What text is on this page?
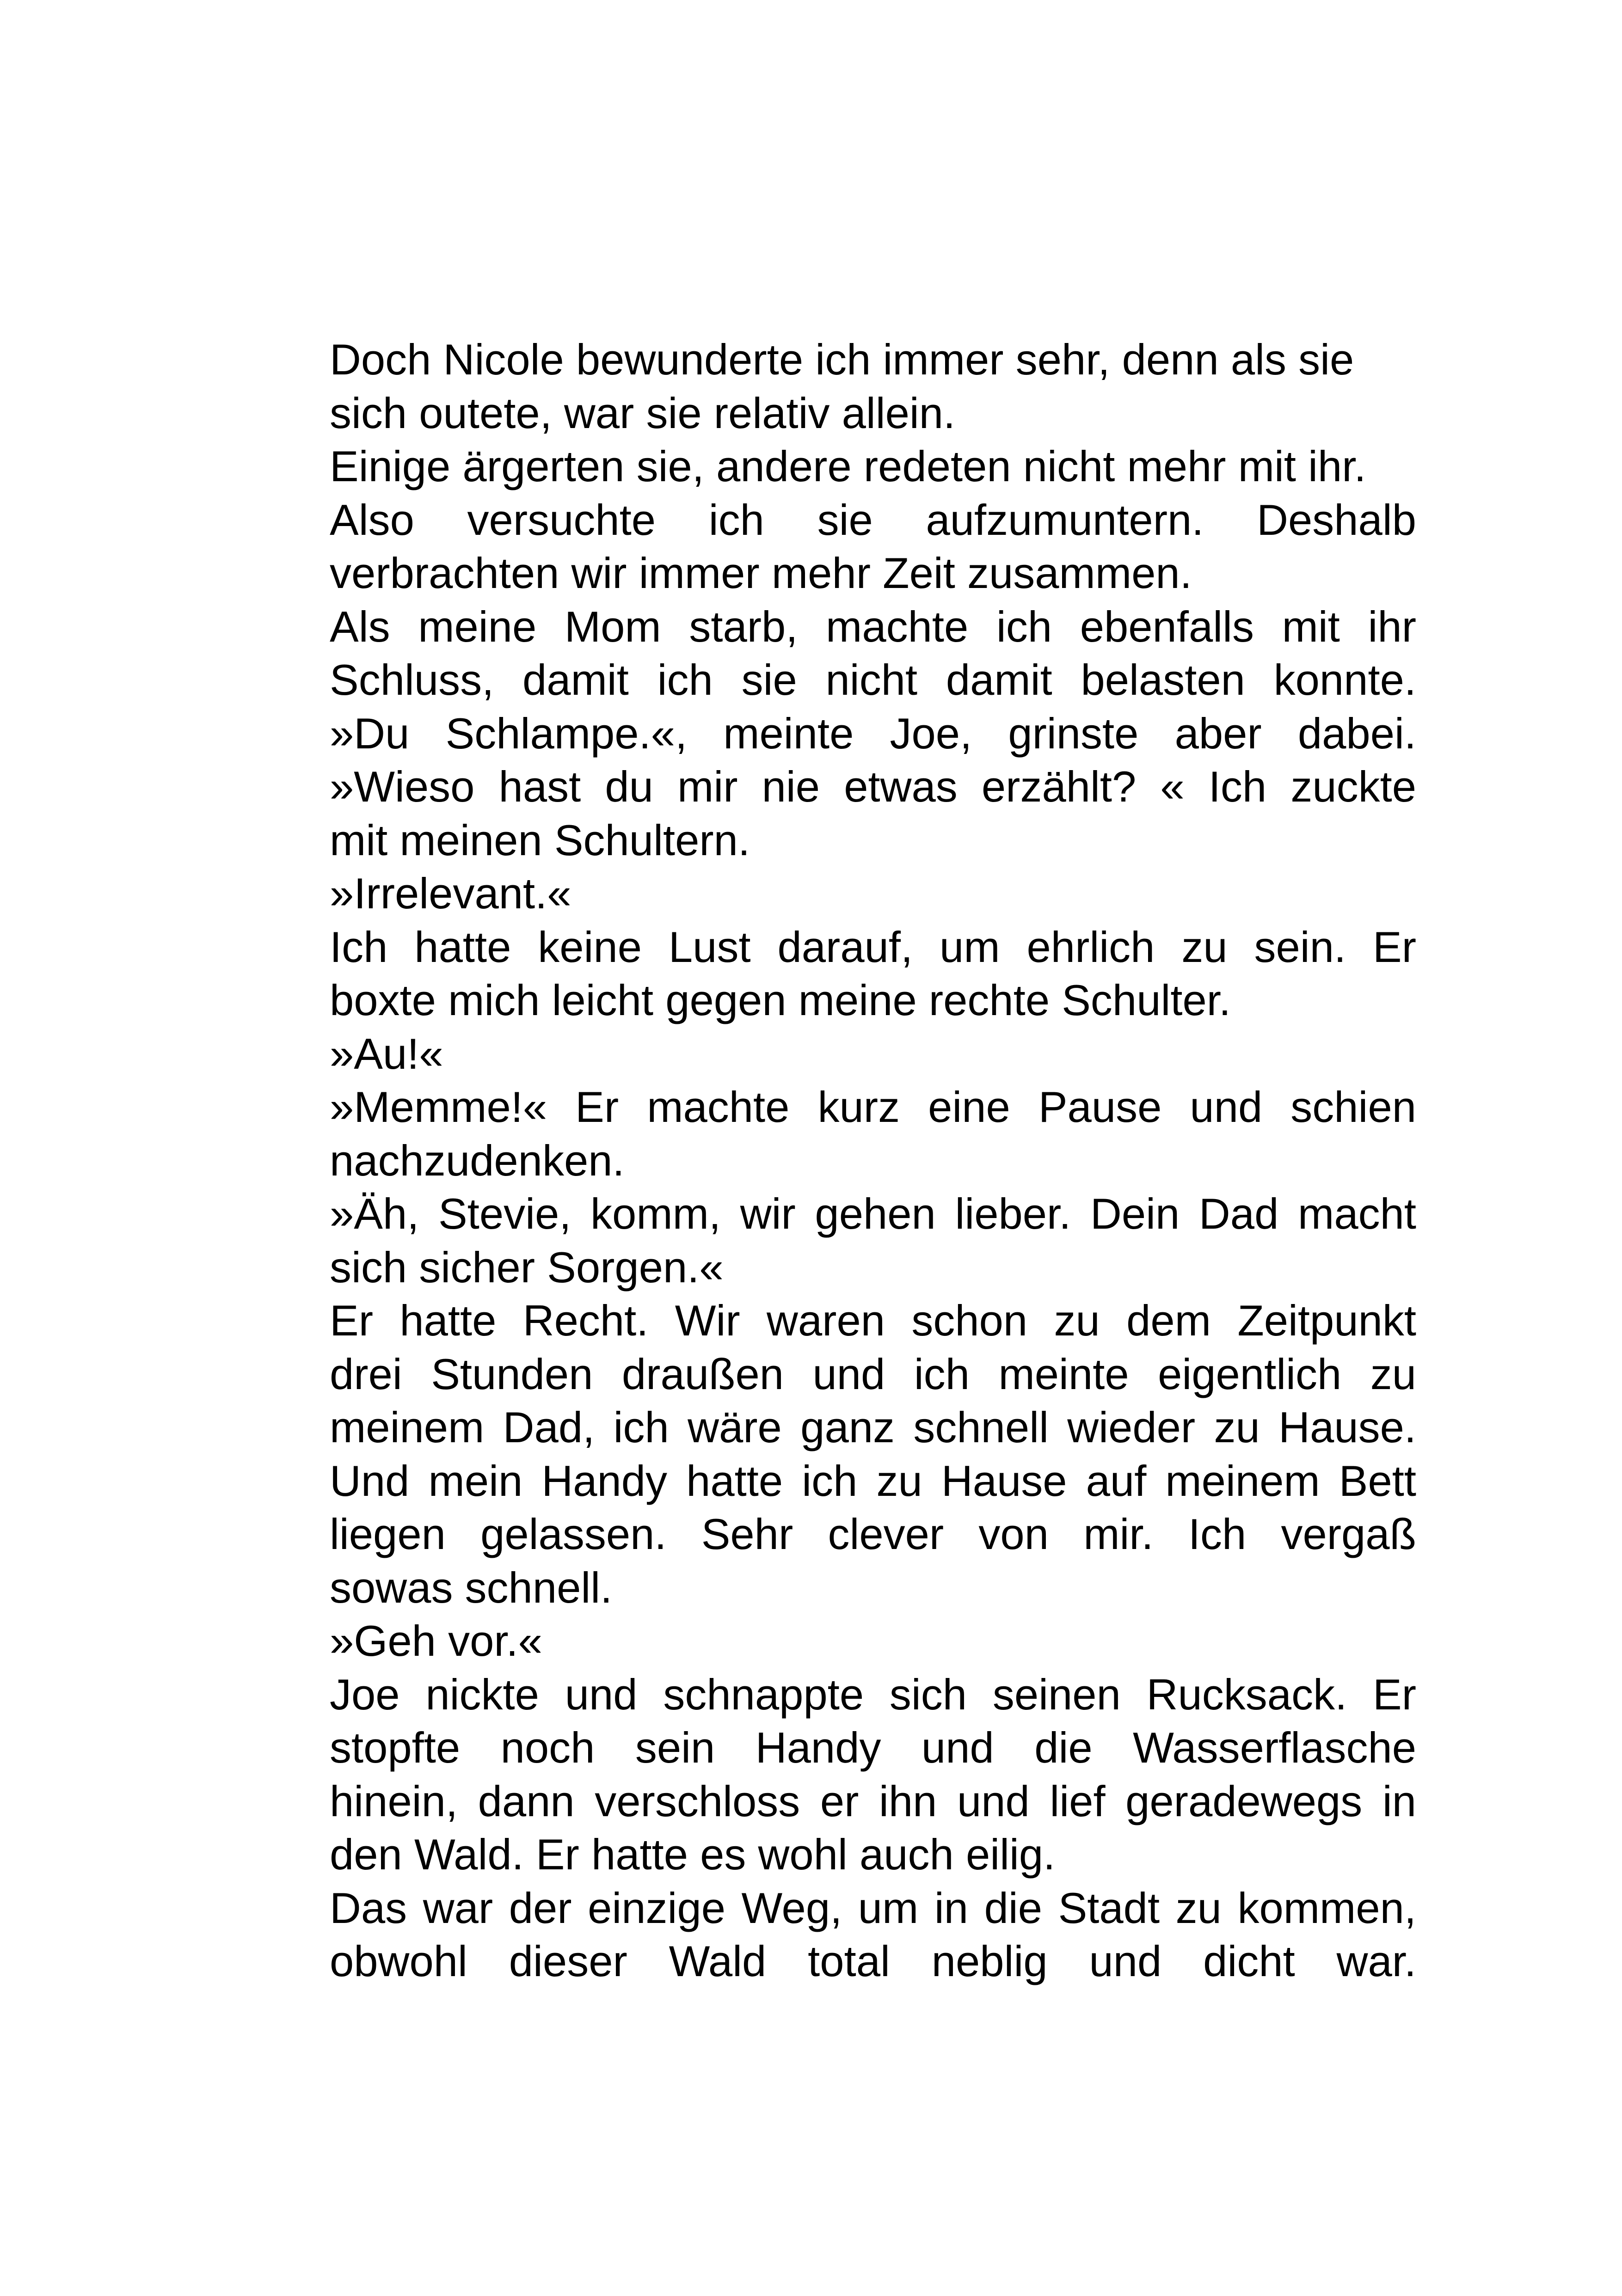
Doch Nicole bewunderte ich immer sehr, denn als sie
sich outete, war sie relativ allein.
Einige ärgerten sie, andere redeten nicht mehr mit ihr.
Also versuchte ich sie aufzumuntern. Deshalb
verbrachten wir immer mehr Zeit zusammen.
Als meine Mom starb, machte ich ebenfalls mit ihr
Schluss, damit ich sie nicht damit belasten konnte.
»Du Schlampe.«, meinte Joe, grinste aber dabei.
»Wieso hast du mir nie etwas erzählt? « Ich zuckte
mit meinen Schultern.
»Irrelevant.«
Ich hatte keine Lust darauf, um ehrlich zu sein. Er
boxte mich leicht gegen meine rechte Schulter.
»Au!«
»Memme!« Er machte kurz eine Pause und schien
nachzudenken.
»Äh, Stevie, komm, wir gehen lieber. Dein Dad macht
sich sicher Sorgen.«
Er hatte Recht. Wir waren schon zu dem Zeitpunkt
drei Stunden draußen und ich meinte eigentlich zu
meinem Dad, ich wäre ganz schnell wieder zu Hause.
Und mein Handy hatte ich zu Hause auf meinem Bett
liegen gelassen. Sehr clever von mir. Ich vergaß
sowas schnell.
»Geh vor.«
Joe nickte und schnappte sich seinen Rucksack. Er
stopfte noch sein Handy und die Wasserflasche
hinein, dann verschloss er ihn und lief geradewegs in
den Wald. Er hatte es wohl auch eilig.
Das war der einzige Weg, um in die Stadt zu kommen,
obwohl dieser Wald total neblig und dicht war.
